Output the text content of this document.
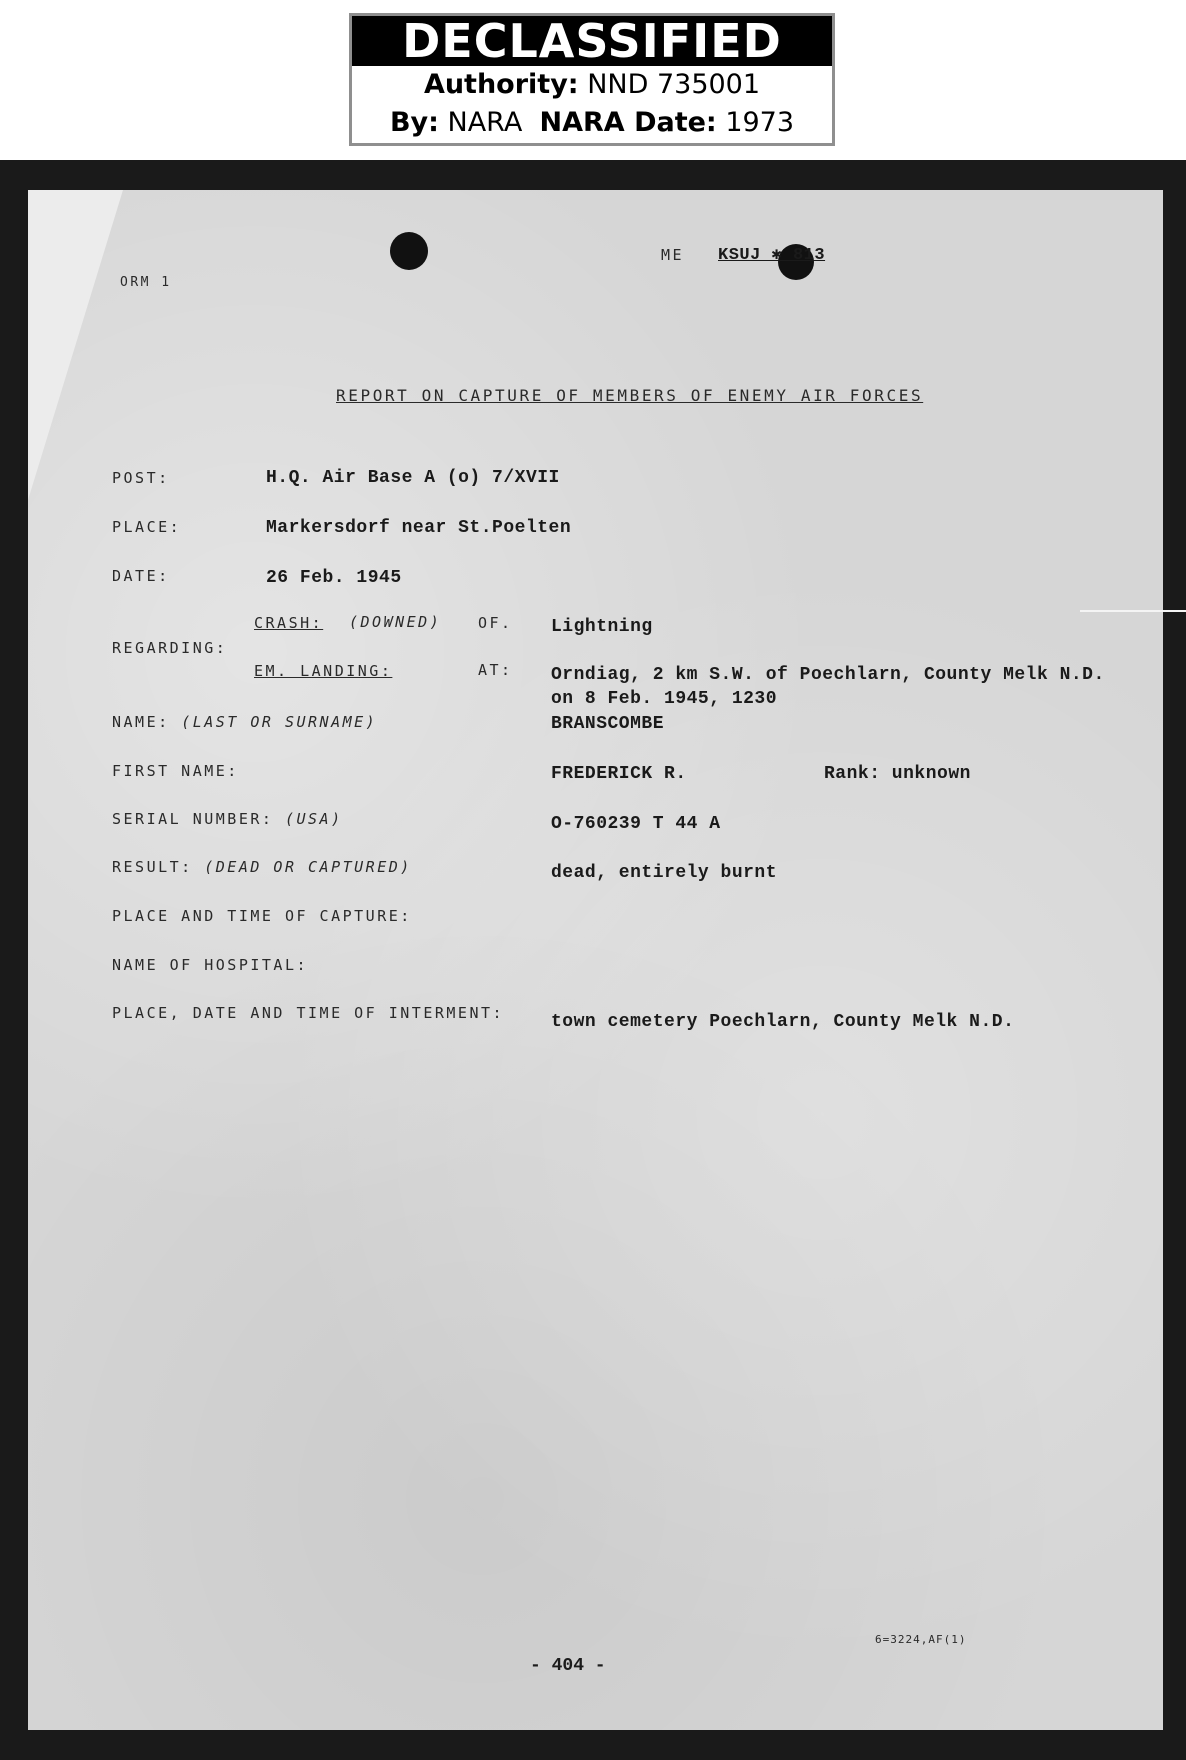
DECLASSIFIED
Authority: NND 735001
By: NARA NARA Date: 1973
ORM 1
ME KSUJ ✱ 813
REPORT ON CAPTURE OF MEMBERS OF ENEMY AIR FORCES
POST:	H.Q. Air Base A (o) 7/XVII
PLACE:	Markersdorf near St.Poelten
DATE:	26 Feb. 1945
REGARDING:
CRASH: (DOWNED) OF. Lightning
EM. LANDING:	AT: Orndiag, 2 km S.W. of Poechlarn, County Melk N.D.
on 8 Feb. 1945, 1230
NAME: (LAST OR SURNAME)	BRANSCOMBE
FIRST NAME:	FREDERICK R.	Rank: unknown
SERIAL NUMBER: (USA)	O-760239 T 44 A
RESULT: (DEAD OR CAPTURED)	dead, entirely burnt
PLACE AND TIME OF CAPTURE:
NAME OF HOSPITAL:
PLACE, DATE AND TIME OF INTERMENT:	town cemetery Poechlarn, County Melk N.D.
6=3224,AF(1)
- 404 -
